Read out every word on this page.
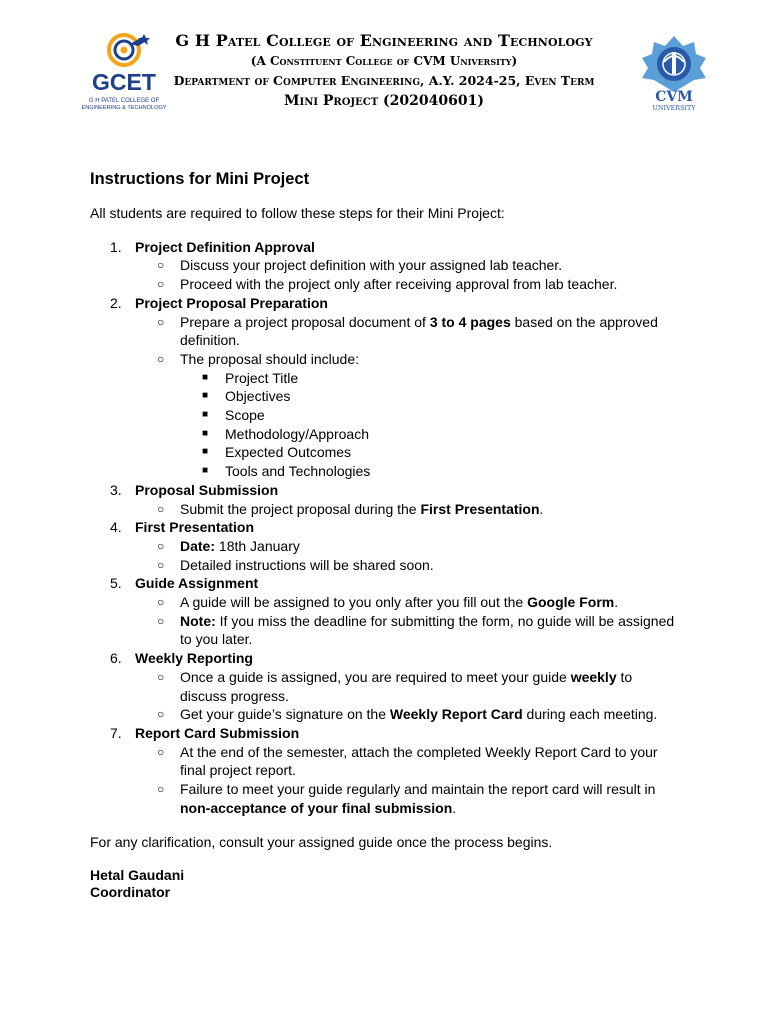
GCET
G H PATEL COLLEGE OF
ENGINEERING & TECHNOLOGY
G H Patel College of Engineering and Technology
(A Constituent College of CVM University)
Department of Computer Engineering, A.Y. 2024-25, Even Term
Mini Project (202040601)	CVM
UNIVERSITY
Instructions for Mini Project
All students are required to follow these steps for their Mini Project:
1. Project Definition Approval
○ Discuss your project definition with your assigned lab teacher.
○ Proceed with the project only after receiving approval from lab teacher.
2. Project Proposal Preparation
○ Prepare a project proposal document of 3 to 4 pages based on the approved definition.
○ The proposal should include:
■ Project Title
■ Objectives
■ Scope
■ Methodology/Approach
■ Expected Outcomes
■ Tools and Technologies
3. Proposal Submission
○ Submit the project proposal during the First Presentation.
4. First Presentation
○ Date: 18th January
○ Detailed instructions will be shared soon.
5. Guide Assignment
○ A guide will be assigned to you only after you fill out the Google Form.
○ Note: If you miss the deadline for submitting the form, no guide will be assigned to you later.
6. Weekly Reporting
○ Once a guide is assigned, you are required to meet your guide weekly to discuss progress.
○ Get your guide’s signature on the Weekly Report Card during each meeting.
7. Report Card Submission
○ At the end of the semester, attach the completed Weekly Report Card to your final project report.
○ Failure to meet your guide regularly and maintain the report card will result in non-acceptance of your final submission.
For any clarification, consult your assigned guide once the process begins.
Hetal Gaudani
Coordinator
